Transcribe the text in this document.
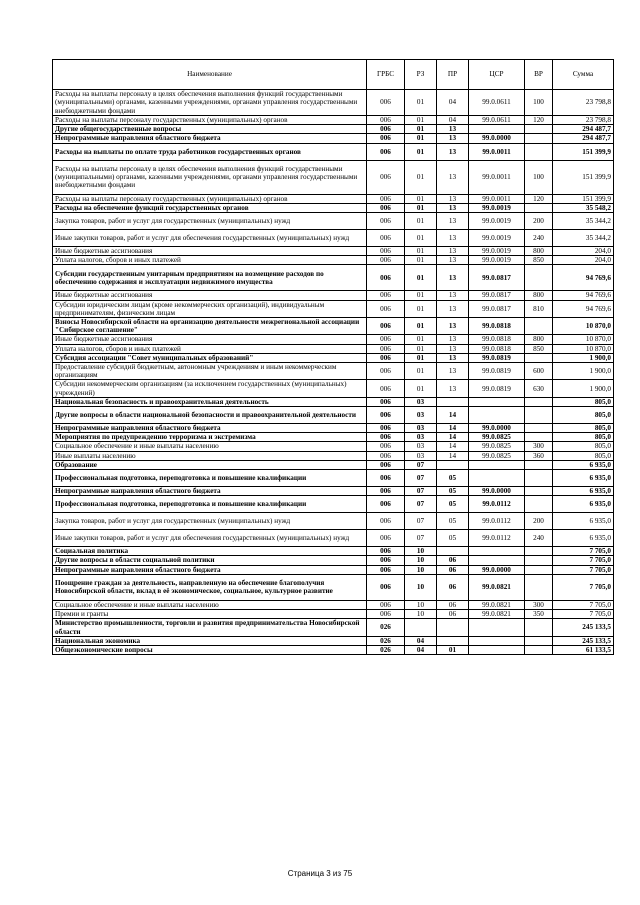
Наименование	ГРБС	РЗ	ПР	ЦСР	ВР	Сумма
Расходы на выплаты персоналу в целях обеспечения выполнения функций государственными (муниципальными) органами, казенными учреждениями, органами управления государственными внебюджетными фондами	006	01	04	99.0.0611	100	23 798,8
Расходы на выплаты персоналу государственных (муниципальных) органов	006	01	04	99.0.0611	120	23 798,8
Другие общегосударственные вопросы	006	01	13			294 487,7
Непрограммные направления областного бюджета	006	01	13	99.0.0000		294 487,7
Расходы на выплаты по оплате труда работников государственных органов	006	01	13	99.0.0011		151 399,9
Расходы на выплаты персоналу в целях обеспечения выполнения функций государственными (муниципальными) органами, казенными учреждениями, органами управления государственными внебюджетными фондами	006	01	13	99.0.0011	100	151 399,9
Расходы на выплаты персоналу государственных (муниципальных) органов	006	01	13	99.0.0011	120	151 399,9
Расходы на обеспечение функций государственных органов	006	01	13	99.0.0019		35 548,2
Закупка товаров, работ и услуг для государственных (муниципальных) нужд	006	01	13	99.0.0019	200	35 344,2
Иные закупки товаров, работ и услуг для обеспечения государственных (муниципальных) нужд	006	01	13	99.0.0019	240	35 344,2
Иные бюджетные ассигнования	006	01	13	99.0.0019	800	204,0
Уплата налогов, сборов и иных платежей	006	01	13	99.0.0019	850	204,0
Субсидии государственным унитарным предприятиям на возмещение расходов по обеспечению содержания и эксплуатации недвижимого имущества	006	01	13	99.0.0817		94 769,6
Иные бюджетные ассигнования	006	01	13	99.0.0817	800	94 769,6
Субсидии юридическим лицам (кроме некоммерческих организаций), индивидуальным предпринимателям, физическим лицам	006	01	13	99.0.0817	810	94 769,6
Взносы Новосибирской области на организацию деятельности межрегиональной ассоциации "Сибирское соглашение"	006	01	13	99.0.0818		10 870,0
Иные бюджетные ассигнования	006	01	13	99.0.0818	800	10 870,0
Уплата налогов, сборов и иных платежей	006	01	13	99.0.0818	850	10 870,0
Субсидия ассоциации "Совет муниципальных образований"	006	01	13	99.0.0819		1 900,0
Предоставление субсидий бюджетным, автономным учреждениям и иным некоммерческим организациям	006	01	13	99.0.0819	600	1 900,0
Субсидии некоммерческим организациям (за исключением государственных (муниципальных) учреждений)	006	01	13	99.0.0819	630	1 900,0
Национальная безопасность и правоохранительная деятельность	006	03				805,0
Другие вопросы в области национальной безопасности и правоохранительной деятельности	006	03	14			805,0
Непрограммные направления областного бюджета	006	03	14	99.0.0000		805,0
Мероприятия по предупреждению терроризма и экстремизма	006	03	14	99.0.0825		805,0
Социальное обеспечение и иные выплаты населению	006	03	14	99.0.0825	300	805,0
Иные выплаты населению	006	03	14	99.0.0825	360	805,0
Образование	006	07				6 935,0
Профессиональная подготовка, переподготовка и повышение квалификации	006	07	05			6 935,0
Непрограммные направления областного бюджета	006	07	05	99.0.0000		6 935,0
Профессиональная подготовка, переподготовка и повышение квалификации	006	07	05	99.0.0112		6 935,0
Закупка товаров, работ и услуг для государственных (муниципальных) нужд	006	07	05	99.0.0112	200	6 935,0
Иные закупки товаров, работ и услуг для обеспечения государственных (муниципальных) нужд	006	07	05	99.0.0112	240	6 935,0
Социальная политика	006	10				7 705,0
Другие вопросы в области социальной политики	006	10	06			7 705,0
Непрограммные направления областного бюджета	006	10	06	99.0.0000		7 705,0
Поощрение граждан за деятельность, направленную на обеспечение благополучия Новосибирской области, вклад в её экономическое, социальное, культурное развитие	006	10	06	99.0.0821		7 705,0
Социальное обеспечение и иные выплаты населению	006	10	06	99.0.0821	300	7 705,0
Премии и гранты	006	10	06	99.0.0821	350	7 705,0
Министерство промышленности, торговли и развития предпринимательства Новосибирской области	026					245 133,5
Национальная экономика	026	04				245 133,5
Общеэкономические вопросы	026	04	01			61 133,5
Страница 3 из 75
